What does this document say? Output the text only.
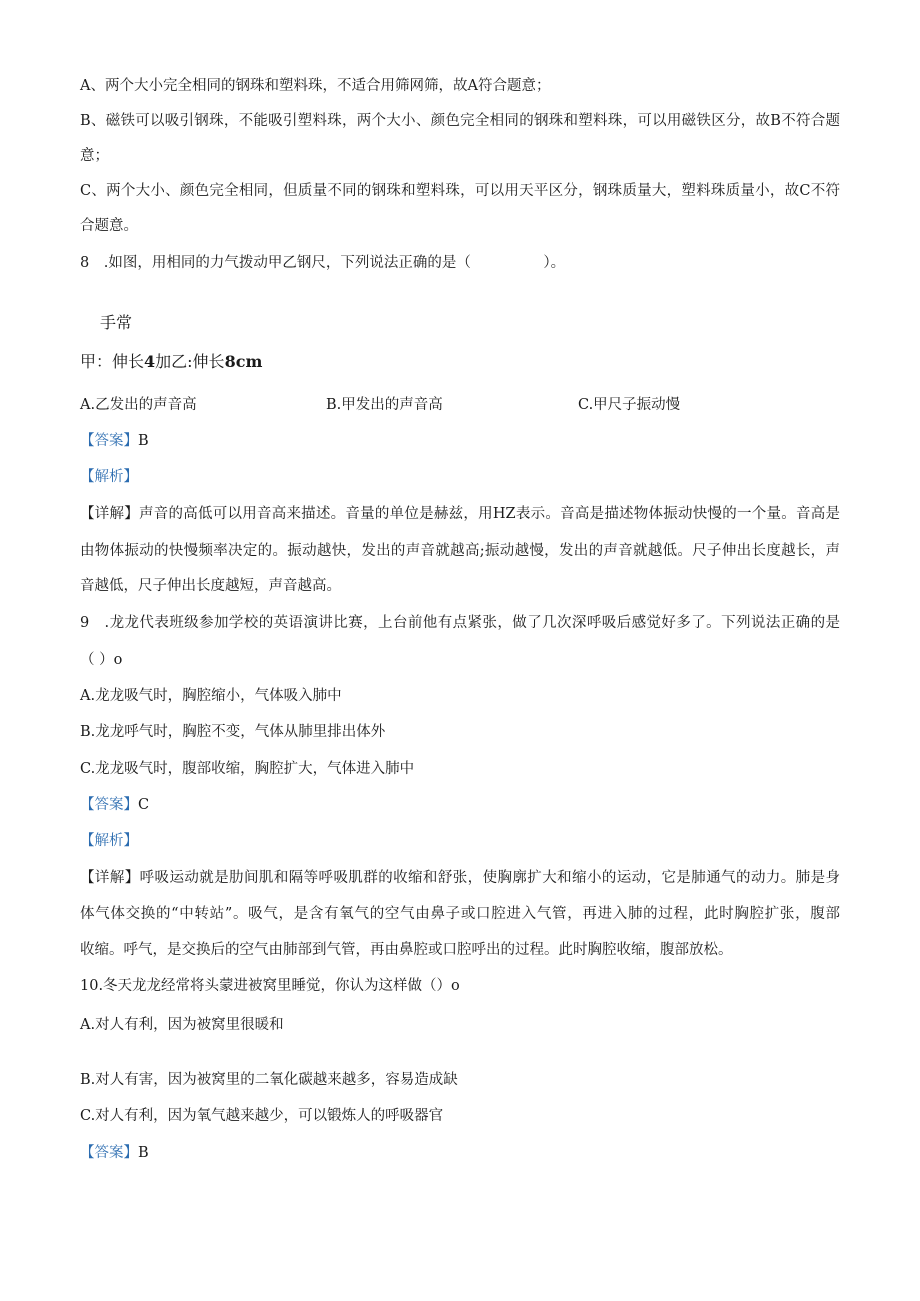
A、两个大小完全相同的钢珠和塑料珠，不适合用筛网筛，故A符合题意；
B、磁铁可以吸引钢珠，不能吸引塑料珠，两个大小、颜色完全相同的钢珠和塑料珠，可以用磁铁区分，故B不符合题
意；
C、两个大小、颜色完全相同，但质量不同的钢珠和塑料珠，可以用天平区分，钢珠质量大，塑料珠质量小，故C不符
合题意。
8　.如图，用相同的力气拨动甲乙钢尺，下列说法正确的是（　　　　　）。
手常
甲：伸长4加乙:伸长8cm
A.乙发出的声音高	B.甲发出的声音高	C.甲尺子振动慢
【答案】B
【解析】
【详解】声音的高低可以用音高来描述。音量的单位是赫兹，用HZ表示。音高是描述物体振动快慢的一个量。音高是
由物体振动的快慢频率决定的。振动越快，发出的声音就越高;振动越慢，发出的声音就越低。尺子伸出长度越长，声
音越低，尺子伸出长度越短，声音越高。
9　.龙龙代表班级参加学校的英语演讲比赛，上台前他有点紧张，做了几次深呼吸后感觉好多了。下列说法正确的是
（ ）o
A.龙龙吸气时，胸腔缩小，气体吸入肺中
B.龙龙呼气时，胸腔不变，气体从肺里排出体外
C.龙龙吸气时，腹部收缩，胸腔扩大，气体进入肺中
【答案】C
【解析】
【详解】呼吸运动就是肋间肌和隔等呼吸肌群的收缩和舒张，使胸廓扩大和缩小的运动，它是肺通气的动力。肺是身
体气体交换的“中转站”。吸气，是含有氧气的空气由鼻子或口腔进入气管，再进入肺的过程，此时胸腔扩张，腹部
收缩。呼气，是交换后的空气由肺部到气管，再由鼻腔或口腔呼出的过程。此时胸腔收缩，腹部放松。
10.冬天龙龙经常将头蒙进被窝里睡觉，你认为这样做（）o
A.对人有利，因为被窝里很暖和
B.对人有害，因为被窝里的二氧化碳越来越多，容易造成缺
C.对人有利，因为氧气越来越少，可以锻炼人的呼吸器官
【答案】B
